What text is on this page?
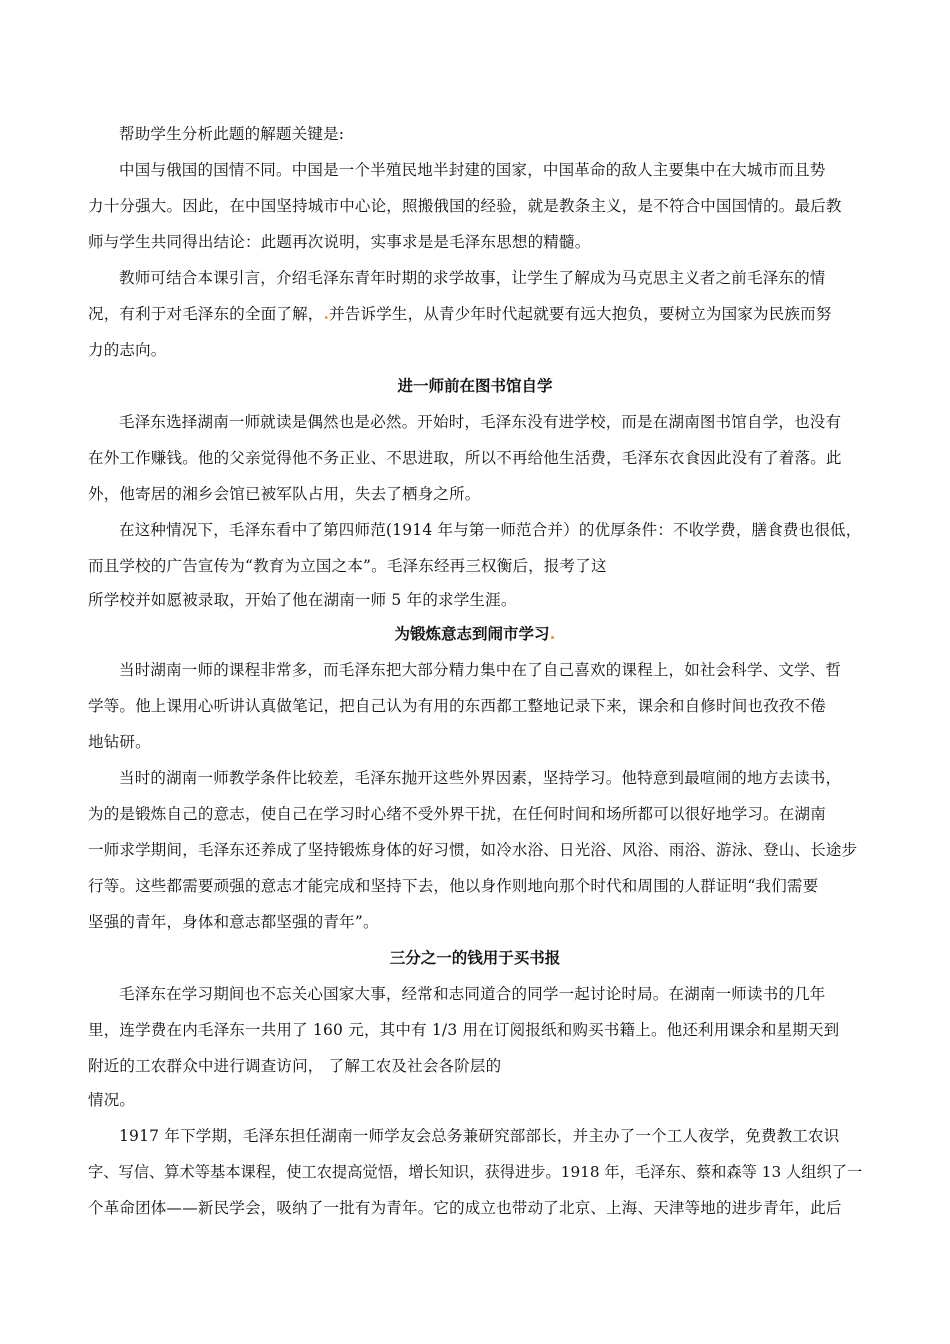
帮助学生分析此题的解题关键是:
中国与俄国的国情不同。中国是一个半殖民地半封建的国家，中国革命的敌人主要集中在大城市而且势
力十分强大。因此，在中国坚持城市中心论，照搬俄国的经验，就是教条主义，是不符合中国国情的。最后教
师与学生共同得出结论：此题再次说明，实事求是是毛泽东思想的精髓。
教师可结合本课引言，介绍毛泽东青年时期的求学故事，让学生了解成为马克思主义者之前毛泽东的情
况，有利于对毛泽东的全面了解，.并告诉学生，从青少年时代起就要有远大抱负，要树立为国家为民族而努
力的志向。
进一师前在图书馆自学
毛泽东选择湖南一师就读是偶然也是必然。开始时，毛泽东没有进学校，而是在湖南图书馆自学，也没有
在外工作赚钱。他的父亲觉得他不务正业、不思进取，所以不再给他生活费，毛泽东衣食因此没有了着落。此
外，他寄居的湘乡会馆已被军队占用，失去了栖身之所。
在这种情况下，毛泽东看中了第四师范(1914 年与第一师范合并）的优厚条件：不收学费，膳食费也很低，
而且学校的广告宣传为“教育为立国之本”。毛泽东经再三权衡后，报考了这
所学校并如愿被录取，开始了他在湖南一师 5 年的求学生涯。
为锻炼意志到闹市学习.
当时湖南一师的课程非常多，而毛泽东把大部分精力集中在了自己喜欢的课程上，如社会科学、文学、哲
学等。他上课用心听讲认真做笔记，把自己认为有用的东西都工整地记录下来，课余和自修时间也孜孜不倦
地钻研。
当时的湖南一师教学条件比较差，毛泽东抛开这些外界因素，坚持学习。他特意到最喧闹的地方去读书，
为的是锻炼自己的意志，使自己在学习时心绪不受外界干扰，在任何时间和场所都可以很好地学习。在湖南
一师求学期间，毛泽东还养成了坚持锻炼身体的好习惯，如冷水浴、日光浴、风浴、雨浴、游泳、登山、长途步
行等。这些都需要顽强的意志才能完成和坚持下去，他以身作则地向那个时代和周围的人群证明“我们需要
坚强的青年，身体和意志都坚强的青年”。
三分之一的钱用于买书报
毛泽东在学习期间也不忘关心国家大事，经常和志同道合的同学一起讨论时局。在湖南一师读书的几年
里，连学费在内毛泽东一共用了 160 元，其中有 1/3 用在订阅报纸和购买书籍上。他还利用课余和星期天到
附近的工农群众中进行调查访问， 了解工农及社会各阶层的
情况。
1917 年下学期，毛泽东担任湖南一师学友会总务兼研究部部长，并主办了一个工人夜学，免费教工农识
字、写信、算术等基本课程，使工农提高觉悟，增长知识，获得进步。1918 年，毛泽东、蔡和森等 13 人组织了一
个革命团体——新民学会，吸纳了一批有为青年。它的成立也带动了北京、上海、天津等地的进步青年，此后
